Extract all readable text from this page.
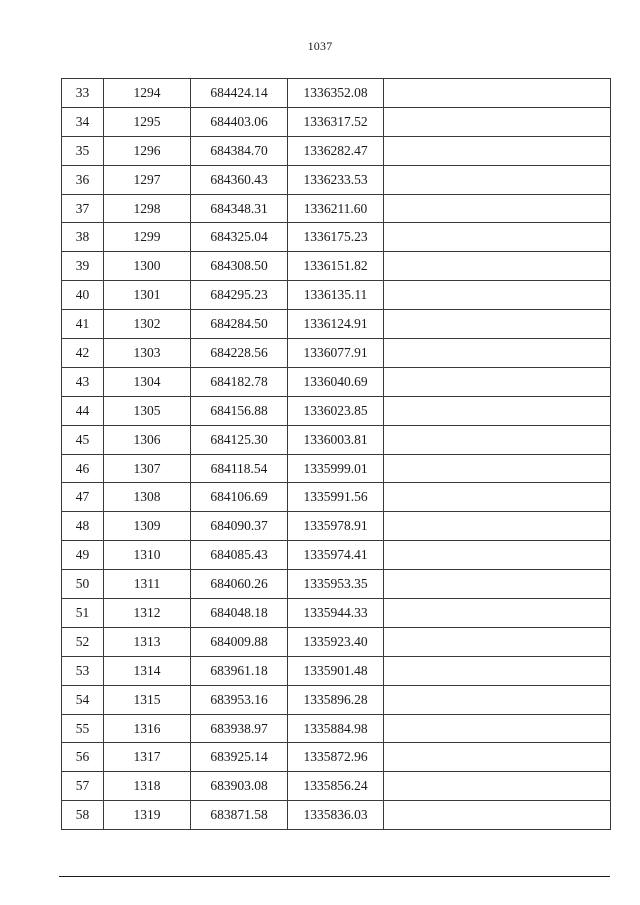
1037
33	1294	684424.14	1336352.08	
34	1295	684403.06	1336317.52	
35	1296	684384.70	1336282.47	
36	1297	684360.43	1336233.53	
37	1298	684348.31	1336211.60	
38	1299	684325.04	1336175.23	
39	1300	684308.50	1336151.82	
40	1301	684295.23	1336135.11	
41	1302	684284.50	1336124.91	
42	1303	684228.56	1336077.91	
43	1304	684182.78	1336040.69	
44	1305	684156.88	1336023.85	
45	1306	684125.30	1336003.81	
46	1307	684118.54	1335999.01	
47	1308	684106.69	1335991.56	
48	1309	684090.37	1335978.91	
49	1310	684085.43	1335974.41	
50	1311	684060.26	1335953.35	
51	1312	684048.18	1335944.33	
52	1313	684009.88	1335923.40	
53	1314	683961.18	1335901.48	
54	1315	683953.16	1335896.28	
55	1316	683938.97	1335884.98	
56	1317	683925.14	1335872.96	
57	1318	683903.08	1335856.24	
58	1319	683871.58	1335836.03	
